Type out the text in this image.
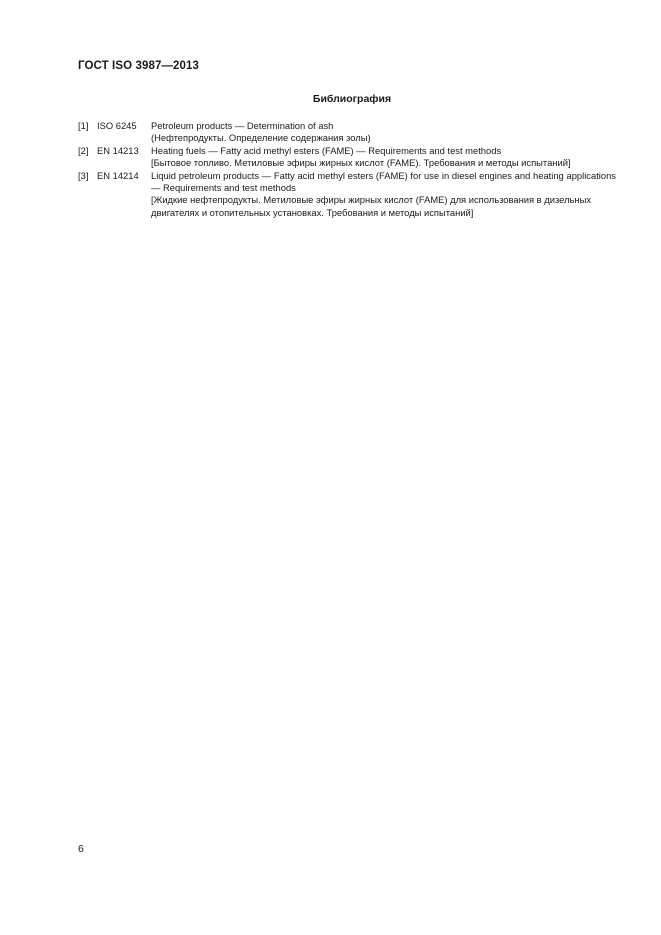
ГОСТ ISO 3987—2013
Библиография
[1] ISO 6245	Petroleum products — Determination of ash
(Нефтепродукты. Определение содержания золы)
[2] EN 14213	Heating fuels — Fatty acid methyl esters (FAME) — Requirements and test methods
[Бытовое топливо. Метиловые эфиры жирных кислот (FAME). Требования и методы испытаний]
[3] EN 14214	Liquid petroleum products — Fatty acid methyl esters (FAME) for use in diesel engines and heating applications — Requirements and test methods
[Жидкие нефтепродукты. Метиловые эфиры жирных кислот (FAME) для использования в дизельных двигателях и отопительных установках. Требования и методы испытаний]
6
